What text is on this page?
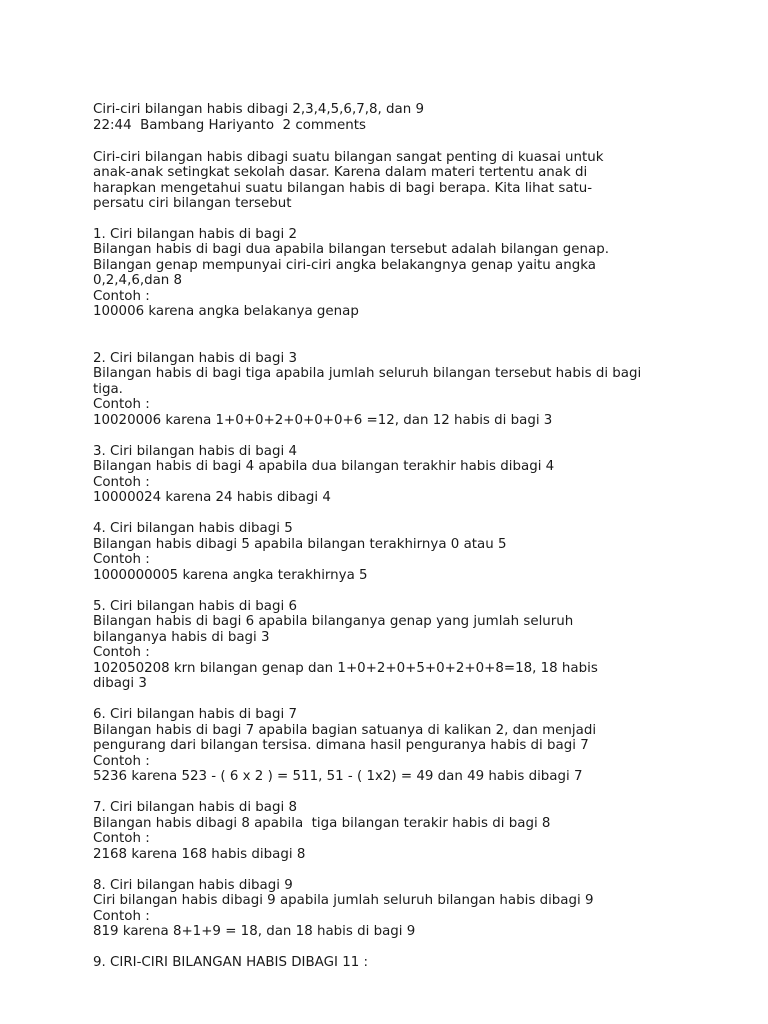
Ciri-ciri bilangan habis dibagi 2,3,4,5,6,7,8, dan 9
22:44  Bambang Hariyanto  2 comments
Ciri-ciri bilangan habis dibagi suatu bilangan sangat penting di kuasai untuk
anak-anak setingkat sekolah dasar. Karena dalam materi tertentu anak di
harapkan mengetahui suatu bilangan habis di bagi berapa. Kita lihat satu-
persatu ciri bilangan tersebut
1. Ciri bilangan habis di bagi 2
Bilangan habis di bagi dua apabila bilangan tersebut adalah bilangan genap.
Bilangan genap mempunyai ciri-ciri angka belakangnya genap yaitu angka
0,2,4,6,dan 8
Contoh :
100006 karena angka belakanya genap
2. Ciri bilangan habis di bagi 3
Bilangan habis di bagi tiga apabila jumlah seluruh bilangan tersebut habis di bagi
tiga.
Contoh :
10020006 karena 1+0+0+2+0+0+0+6 =12, dan 12 habis di bagi 3
3. Ciri bilangan habis di bagi 4
Bilangan habis di bagi 4 apabila dua bilangan terakhir habis dibagi 4
Contoh :
10000024 karena 24 habis dibagi 4
4. Ciri bilangan habis dibagi 5
Bilangan habis dibagi 5 apabila bilangan terakhirnya 0 atau 5
Contoh :
1000000005 karena angka terakhirnya 5
5. Ciri bilangan habis di bagi 6
Bilangan habis di bagi 6 apabila bilanganya genap yang jumlah seluruh
bilanganya habis di bagi 3
Contoh :
102050208 krn bilangan genap dan 1+0+2+0+5+0+2+0+8=18, 18 habis
dibagi 3
6. Ciri bilangan habis di bagi 7
Bilangan habis di bagi 7 apabila bagian satuanya di kalikan 2, dan menjadi
pengurang dari bilangan tersisa. dimana hasil penguranya habis di bagi 7
Contoh :
5236 karena 523 - ( 6 x 2 ) = 511, 51 - ( 1x2) = 49 dan 49 habis dibagi 7
7. Ciri bilangan habis di bagi 8
Bilangan habis dibagi 8 apabila  tiga bilangan terakir habis di bagi 8
Contoh :
2168 karena 168 habis dibagi 8
8. Ciri bilangan habis dibagi 9
Ciri bilangan habis dibagi 9 apabila jumlah seluruh bilangan habis dibagi 9
Contoh :
819 karena 8+1+9 = 18, dan 18 habis di bagi 9
9. CIRI-CIRI BILANGAN HABIS DIBAGI 11 :
